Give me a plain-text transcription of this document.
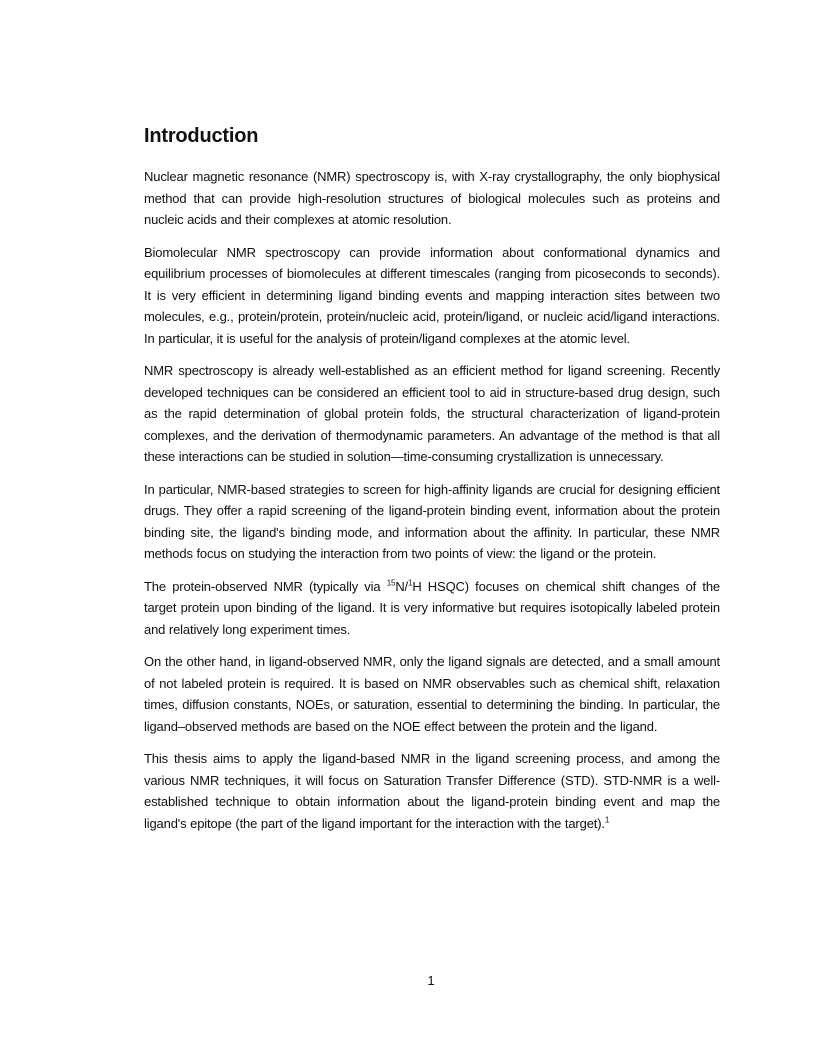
Introduction

Nuclear magnetic resonance (NMR) spectroscopy is, with X-ray crystallography, the only biophysical method that can provide high-resolution structures of biological molecules such as proteins and nucleic acids and their complexes at atomic resolution.

Biomolecular NMR spectroscopy can provide information about conformational dynamics and equilibrium processes of biomolecules at different timescales (ranging from picoseconds to seconds). It is very efficient in determining ligand binding events and mapping interaction sites between two molecules, e.g., protein/protein, protein/nucleic acid, protein/ligand, or nucleic acid/ligand interactions. In particular, it is useful for the analysis of protein/ligand complexes at the atomic level.

NMR spectroscopy is already well-established as an efficient method for ligand screening. Recently developed techniques can be considered an efficient tool to aid in structure-based drug design, such as the rapid determination of global protein folds, the structural characterization of ligand-protein complexes, and the derivation of thermodynamic parameters. An advantage of the method is that all these interactions can be studied in solution—time-consuming crystallization is unnecessary.

In particular, NMR-based strategies to screen for high-affinity ligands are crucial for designing efficient drugs. They offer a rapid screening of the ligand-protein binding event, information about the protein binding site, the ligand's binding mode, and information about the affinity. In particular, these NMR methods focus on studying the interaction from two points of view: the ligand or the protein.

The protein-observed NMR (typically via $^{15}$N/$^1$H HSQC) focuses on chemical shift changes of the target protein upon binding of the ligand. It is very informative but requires isotopically labeled protein and relatively long experiment times.

On the other hand, in ligand-observed NMR, only the ligand signals are detected, and a small amount of not labeled protein is required. It is based on NMR observables such as chemical shift, relaxation times, diffusion constants, NOEs, or saturation, essential to determining the binding. In particular, the ligand–observed methods are based on the NOE effect between the protein and the ligand.

This thesis aims to apply the ligand-based NMR in the ligand screening process, and among the various NMR techniques, it will focus on Saturation Transfer Difference (STD). STD-NMR is a well-established technique to obtain information about the ligand-protein binding event and map the ligand's epitope (the part of the ligand important for the interaction with the target).$^1$

1
